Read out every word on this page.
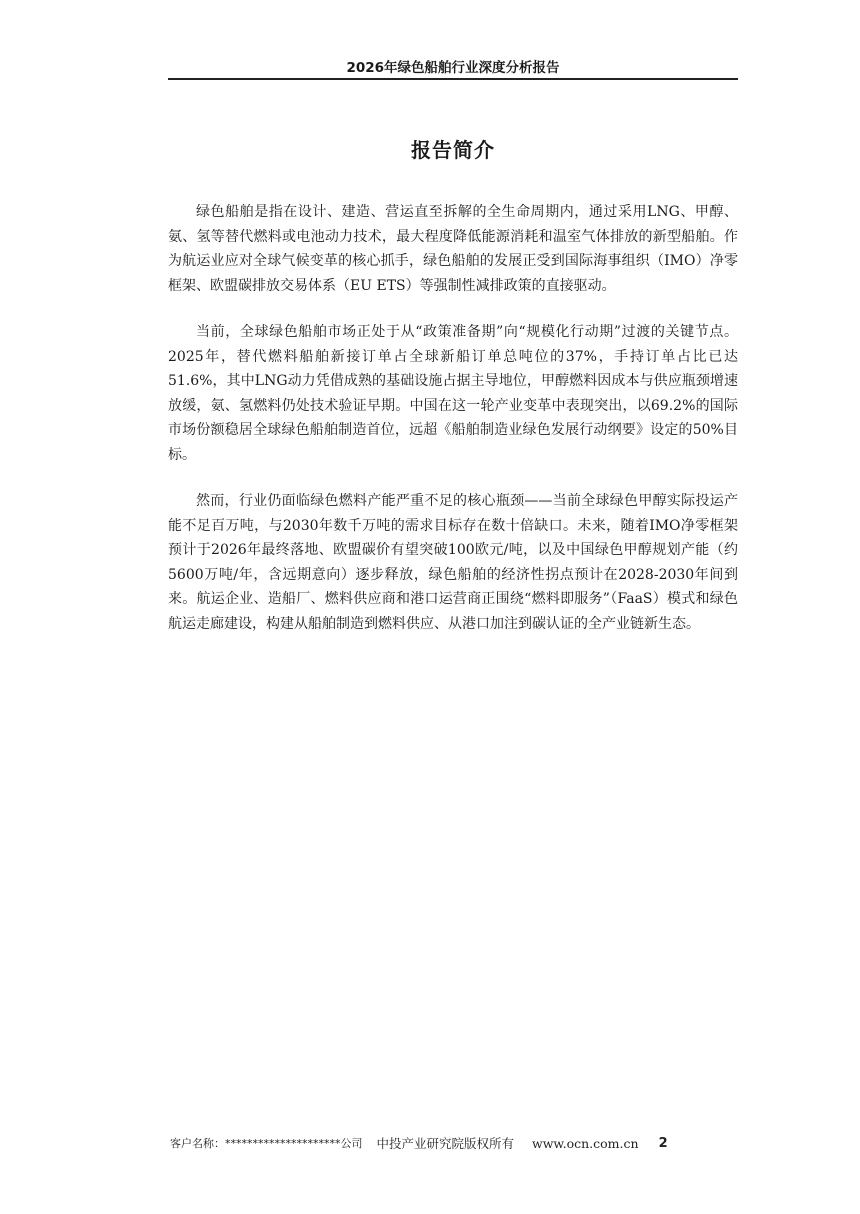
2026年绿色船舶行业深度分析报告
报告简介

绿色船舶是指在设计、建造、营运直至拆解的全生命周期内，通过采用LNG、甲醇、氨、氢等替代燃料或电池动力技术，最大程度降低能源消耗和温室气体排放的新型船舶。作为航运业应对全球气候变革的核心抓手，绿色船舶的发展正受到国际海事组织（IMO）净零框架、欧盟碳排放交易体系（EU ETS）等强制性减排政策的直接驱动。

当前，全球绿色船舶市场正处于从“政策准备期”向“规模化行动期”过渡的关键节点。2025年，替代燃料船舶新接订单占全球新船订单总吨位的37%，手持订单占比已达51.6%，其中LNG动力凭借成熟的基础设施占据主导地位，甲醇燃料因成本与供应瓶颈增速放缓，氨、氢燃料仍处技术验证早期。中国在这一轮产业变革中表现突出，以69.2%的国际市场份额稳居全球绿色船舶制造首位，远超《船舶制造业绿色发展行动纲要》设定的50%目标。

然而，行业仍面临绿色燃料产能严重不足的核心瓶颈——当前全球绿色甲醇实际投运产能不足百万吨，与2030年数千万吨的需求目标存在数十倍缺口。未来，随着IMO净零框架预计于2026年最终落地、欧盟碳价有望突破100欧元/吨，以及中国绿色甲醇规划产能（约5600万吨/年，含远期意向）逐步释放，绿色船舶的经济性拐点预计在2028-2030年间到来。航运企业、造船厂、燃料供应商和港口运营商正围绕“燃料即服务”（FaaS）模式和绿色航运走廊建设，构建从船舶制造到燃料供应、从港口加注到碳认证的全产业链新生态。

客户名称：*********************公司 中投产业研究院版权所有 www.ocn.com.cn 2
